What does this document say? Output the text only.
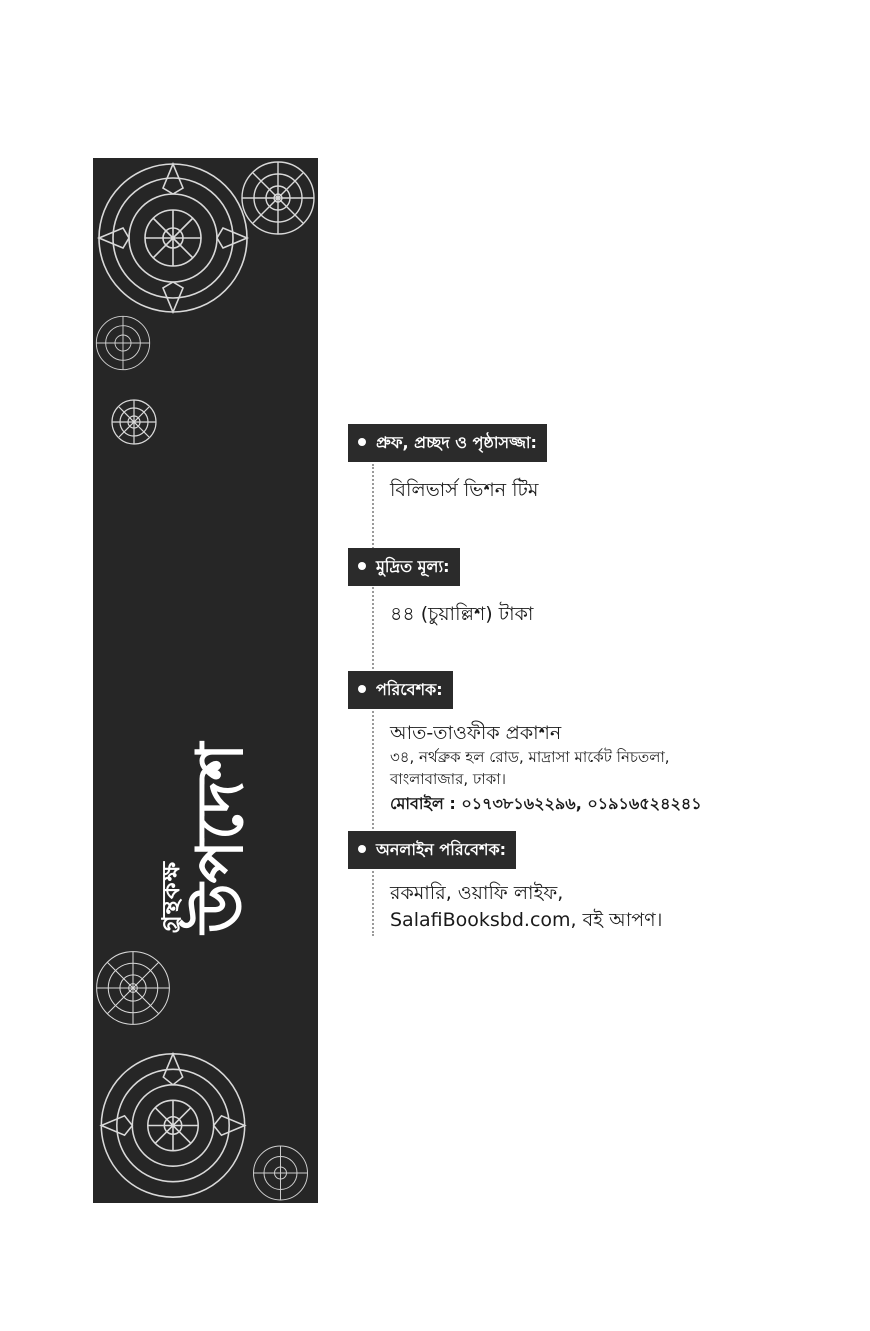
গ্রন্থকক্ষ উপদেশ
প্রুফ, প্রচ্ছদ ও পৃষ্ঠাসজ্জা:
বিলিভার্স ভিশন টিম
মুদ্রিত মূল্য:
৪৪ (চুয়াল্লিশ) টাকা
পরিবেশক:
আত-তাওফীক প্রকাশন
৩৪, নর্থব্রুক হল রোড, মাদ্রাসা মার্কেট নিচতলা,
বাংলাবাজার, ঢাকা।
মোবাইল : ০১৭৩৮১৬২২৯৬, ০১৯১৬৫২৪২৪১
অনলাইন পরিবেশক:
রকমারি, ওয়াফি লাইফ,
SalafiBooksbd.com, বই আপণ।
